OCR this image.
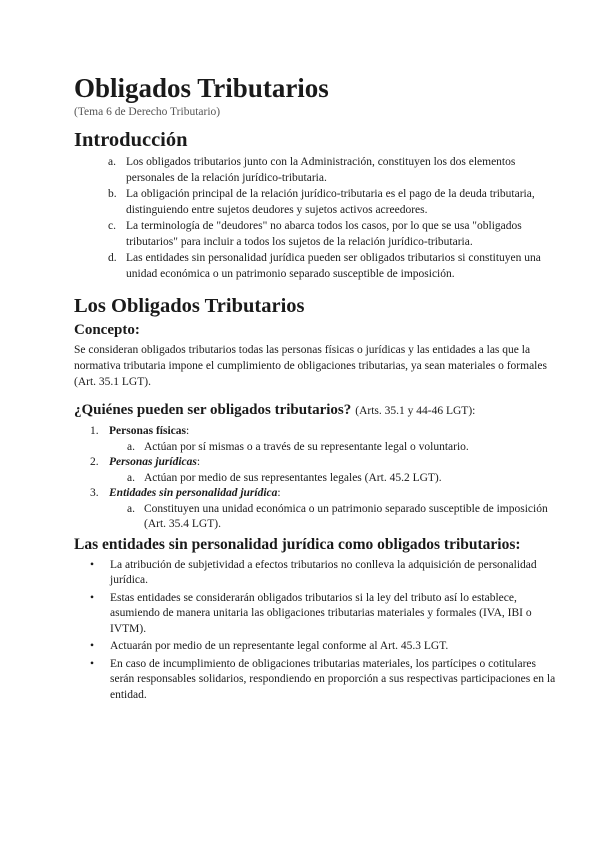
Obligados Tributarios
(Tema 6 de Derecho Tributario)
Introducción
a. Los obligados tributarios junto con la Administración, constituyen los dos elementos personales de la relación jurídico-tributaria.
b. La obligación principal de la relación jurídico-tributaria es el pago de la deuda tributaria, distinguiendo entre sujetos deudores y sujetos activos acreedores.
c. La terminología de "deudores" no abarca todos los casos, por lo que se usa "obligados tributarios" para incluir a todos los sujetos de la relación jurídico-tributaria.
d. Las entidades sin personalidad jurídica pueden ser obligados tributarios si constituyen una unidad económica o un patrimonio separado susceptible de imposición.
Los Obligados Tributarios
Concepto:

Se consideran obligados tributarios todas las personas físicas o jurídicas y las entidades a las que la normativa tributaria impone el cumplimiento de obligaciones tributarias, ya sean materiales o formales (Art. 35.1 LGT).

¿Quiénes pueden ser obligados tributarios? (Arts. 35.1 y 44-46 LGT):
1. Personas físicas:
a. Actúan por sí mismas o a través de su representante legal o voluntario.
2. Personas jurídicas:
a. Actúan por medio de sus representantes legales (Art. 45.2 LGT).
3. Entidades sin personalidad jurídica:
a. Constituyen una unidad económica o un patrimonio separado susceptible de imposición (Art. 35.4 LGT).
Las entidades sin personalidad jurídica como obligados tributarios:
• La atribución de subjetividad a efectos tributarios no conlleva la adquisición de personalidad jurídica.
• Estas entidades se considerarán obligados tributarios si la ley del tributo así lo establece, asumiendo de manera unitaria las obligaciones tributarias materiales y formales (IVA, IBI o IVTM).
• Actuarán por medio de un representante legal conforme al Art. 45.3 LGT.
• En caso de incumplimiento de obligaciones tributarias materiales, los partícipes o cotitulares serán responsables solidarios, respondiendo en proporción a sus respectivas participaciones en la entidad.
